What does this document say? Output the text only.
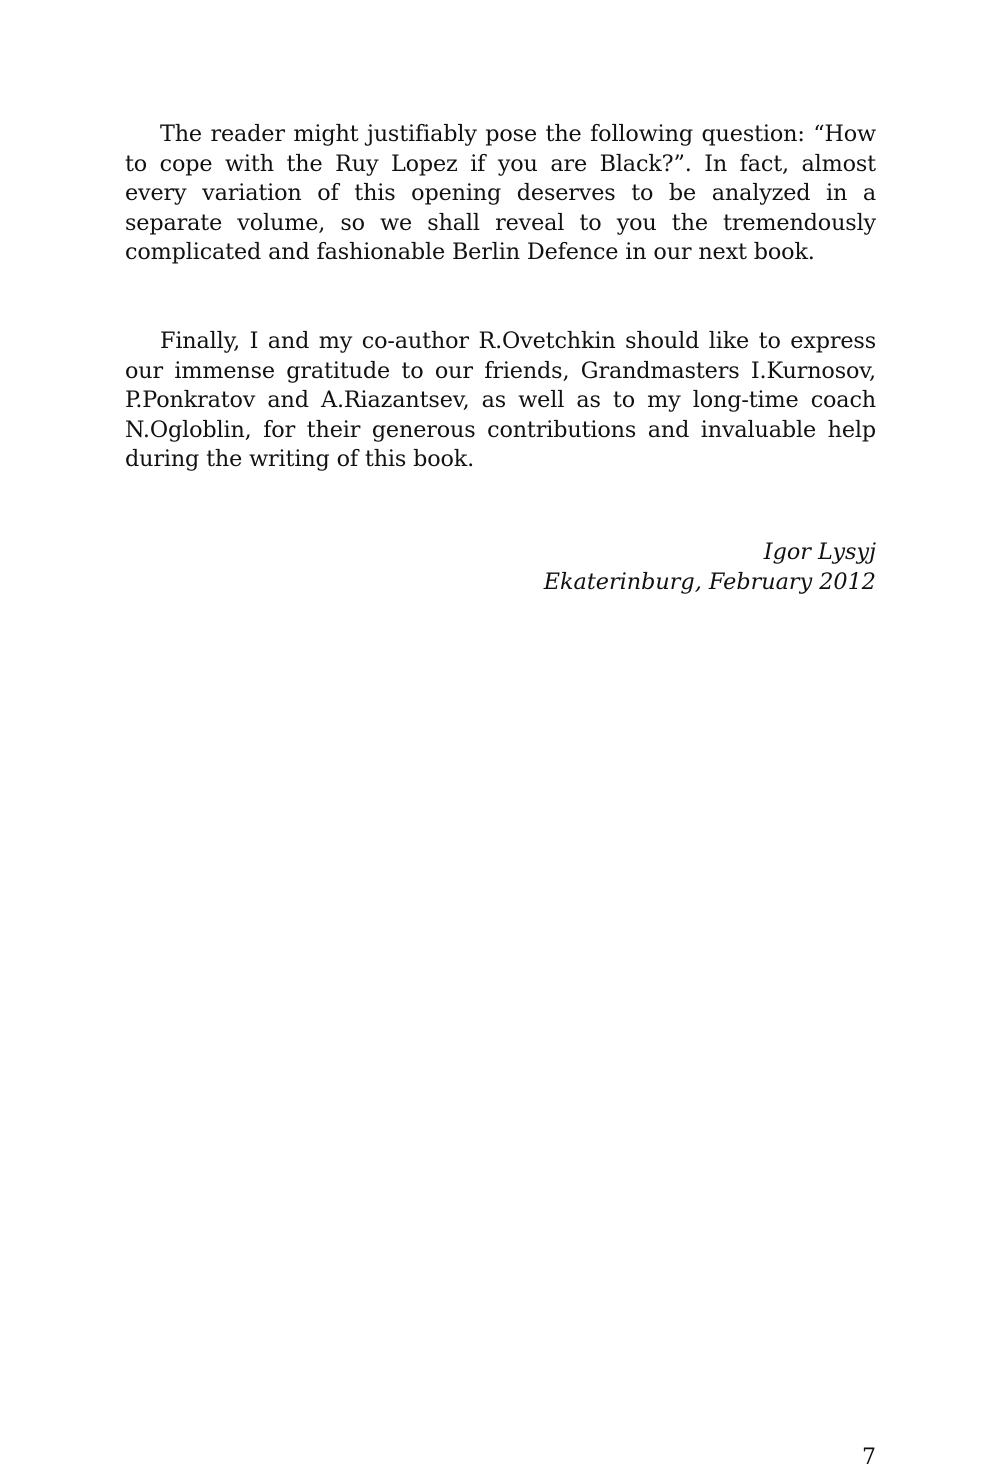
The reader might justifiably pose the following question: “How to cope with the Ruy Lopez if you are Black?”. In fact, almost every variation of this opening deserves to be analyzed in a separate volume, so we shall reveal to you the tremendously complicated and fashionable Berlin Defence in our next book.

Finally, I and my co-author R.Ovetchkin should like to express our immense gratitude to our friends, Grandmasters I.Kurnosov, P.Ponkratov and A.Riazantsev, as well as to my long-time coach N.Ogloblin, for their generous contributions and invaluable help during the writing of this book.

Igor Lysyj
Ekaterinburg, February 2012
7
